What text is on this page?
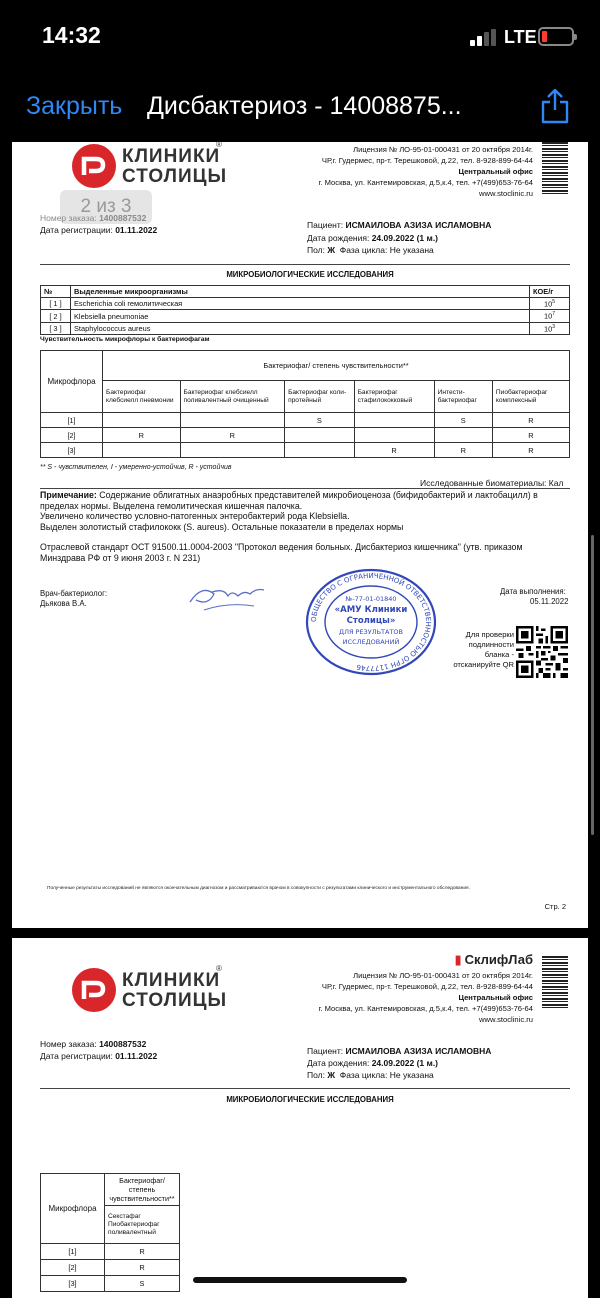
14:32	LTE
Закрыть Дисбактериоз - 14008875...
КЛИНИКИ
СТОЛИЦЫ
®
Лицензия № ЛО-95-01-000431 от 20 октября 2014г.
ЧР,г. Гудермес, пр-т. Терешковой, д.22, тел. 8-928-899-64-44
Центральный офис
г. Москва, ул. Кантемировская, д.5,к.4, тел. +7(499)653-76-64
www.stoclinic.ru
2 из 3
Номер заказа: 1400887532
Дата регистрации: 01.11.2022	Пациент: ИСМАИЛОВА АЗИЗА ИСЛАМОВНА
Дата рождения: 24.09.2022 (1 м.)
Пол: Ж Фаза цикла: Не указана
МИКРОБИОЛОГИЧЕСКИЕ ИССЛЕДОВАНИЯ
№	Выделенные микроорганизмы	КОЕ/г
[ 1 ]	Escherichia coli гемолитическая	$10^5$
[ 2 ]	Klebsiella pneumoniae	$10^7$
[ 3 ]	Staphylococcus aureus	$10^3$
Чувствительность микрофлоры к бактериофагам
Микрофлора	Бактериофаг/ степень чувствительности**					
	Бактериофаг клебсиелл пневмонии	Бактериофаг клебсиелл поливалентный очищенный	Бактериофаг коли-протейный	Бактериофаг стафилококковый	Интести-бактериофаг	Пиобактериофаг комплексный
[1]			S		S	R
[2]	R	R				R
[3]				R	R	R
** S - чувствителен, I - умеренно-устойчив, R - устойчив
Исследованные биоматериалы: Кал
Примечание: Содержание облигатных анаэробных представителей микробиоценоза (бифидобактерий и лактобацилл) в пределах нормы. Выделена гемолитическая кишечная палочка.
Увеличено количество условно-патогенных энтеробактерий рода Klebsiella.
Выделен золотистый стафилококк (S. aureus). Остальные показатели в пределах нормы
Отраслевой стандарт ОСТ 91500.11.0004-2003 "Протокол ведения больных. Дисбактериоз кишечника" (утв. приказом Минздрава РФ от 9 июня 2003 г. N 231)
Врач-бактериолог:
Дьякова В.А.
ОБЩЕСТВО С ОГРАНИЧЕННОЙ ОТВЕТСТВЕННОСТЬЮ ОГРН 1177746
№-77-01-01840
«АМУ Клиники
Столицы»
ДЛЯ РЕЗУЛЬТАТОВ
ИССЛЕДОВАНИЙ
Дата выполнения:
05.11.2022
Для проверки подлинности бланка - отсканируйте QR
Полученные результаты исследований не являются окончательным диагнозом и рассматриваются врачом в совокупности с результатами клинического и инструментального обследования.
Стр. 2
▮ СклифЛаб
КЛИНИКИ
СТОЛИЦЫ
®
Лицензия № ЛО-95-01-000431 от 20 октября 2014г.
ЧР,г. Гудермес, пр-т. Терешковой, д.22, тел. 8-928-899-64-44
Центральный офис
г. Москва, ул. Кантемировская, д.5,к.4, тел. +7(499)653-76-64
www.stoclinic.ru
Номер заказа: 1400887532
Дата регистрации: 01.11.2022	Пациент: ИСМАИЛОВА АЗИЗА ИСЛАМОВНА
Дата рождения: 24.09.2022 (1 м.)
Пол: Ж Фаза цикла: Не указана
МИКРОБИОЛОГИЧЕСКИЕ ИССЛЕДОВАНИЯ
Микрофлора	Бактериофаг/ степень чувствительности**
	Секстафаг Пиобактериофаг поливалентный
[1]	R
[2]	R
[3]	S
